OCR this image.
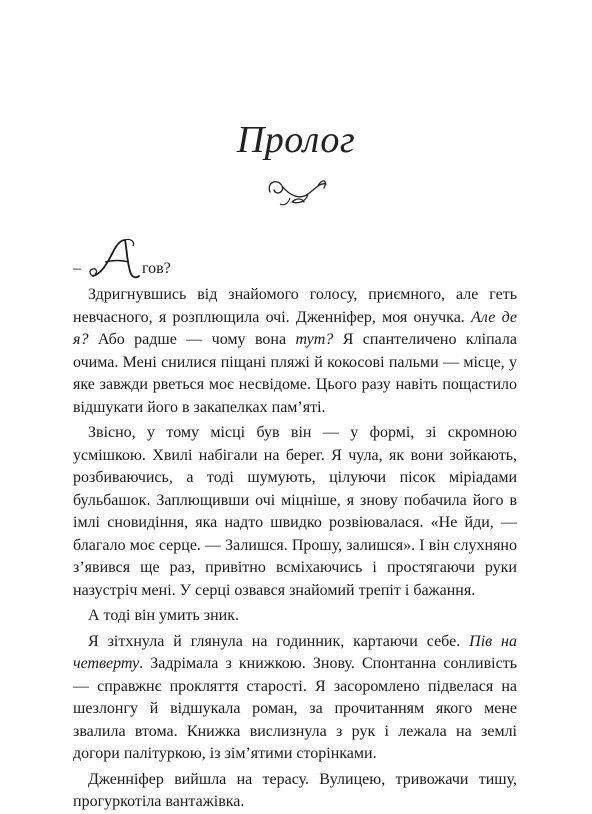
Пролог
–	гов?

Здригнувшись від знайомого голосу, приємного, але геть невчасного, я розплющила очі. Дженніфер, моя онучка. Але де я? Або радше — чому вона тут? Я спантеличено кліпала очима. Мені снилися піщані пляжі й кокосові пальми — місце, у яке завжди рветься моє несвідоме. Цього разу навіть пощастило відшукати його в закапелках пам’яті.

Звісно, у тому місці був він — у формі, зі скромною усмішкою. Хвилі набігали на берег. Я чула, як вони зойкають, розбиваючись, а тоді шумують, цілуючи пісок міріадами бульбашок. Заплющивши очі міцніше, я знову побачила його в імлі сновидіння, яка надто швидко розвіювалася. «Не йди, — благало моє серце. — Залишся. Прошу, залишся». І він слухняно з’явився ще раз, привітно всміхаючись і простягаючи руки назустріч мені. У серці озвався знайомий трепіт і бажання.

А тоді він умить зник.

Я зітхнула й глянула на годинник, картаючи себе. Пів на четверту. Задрімала з книжкою. Знову. Спонтанна сонливість — справжнє прокляття старості. Я засоромлено підвелася на шезлонгу й відшукала роман, за прочитанням якого мене звалила втома. Книжка вислизнула з рук і лежала на землі догори палітуркою, із зім’ятими сторінками.

Дженніфер вийшла на терасу. Вулицею, тривожачи тишу, прогуркотіла вантажівка.
